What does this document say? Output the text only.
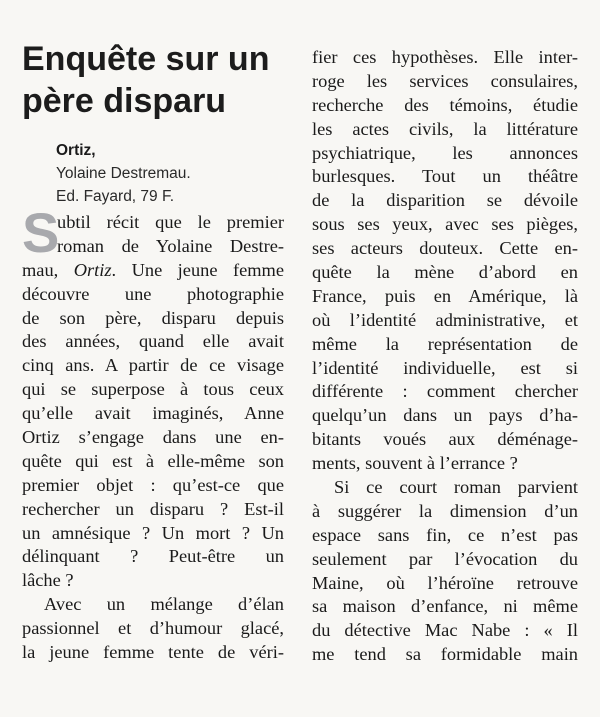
Enquête sur un
père disparu
Ortiz,
Yolaine Destremau.
Ed. Fayard, 79 F.
S
ubtil récit que le premier
roman de Yolaine Destre-
mau, Ortiz. Une jeune femme
découvre une photographie
de son père, disparu depuis
des années, quand elle avait
cinq ans. A partir de ce visage
qui se superpose à tous ceux
qu’elle avait imaginés, Anne
Ortiz s’engage dans une en-
quête qui est à elle-même son
premier objet : qu’est-ce que
rechercher un disparu ? Est-il
un amnésique ? Un mort ? Un
délinquant ? Peut-être un
lâche ?
Avec un mélange d’élan
passionnel et d’humour glacé,
la jeune femme tente de véri-
fier ces hypothèses. Elle inter-
roge les services consulaires,
recherche des témoins, étudie
les actes civils, la littérature
psychiatrique, les annonces
burlesques. Tout un théâtre
de la disparition se dévoile
sous ses yeux, avec ses pièges,
ses acteurs douteux. Cette en-
quête la mène d’abord en
France, puis en Amérique, là
où l’identité administrative, et
même la représentation de
l’identité individuelle, est si
différente : comment chercher
quelqu’un dans un pays d’ha-
bitants voués aux déménage-
ments, souvent à l’errance ?
Si ce court roman parvient
à suggérer la dimension d’un
espace sans fin, ce n’est pas
seulement par l’évocation du
Maine, où l’héroïne retrouve
sa maison d’enfance, ni même
du détective Mac Nabe : « Il
me tend sa formidable main
